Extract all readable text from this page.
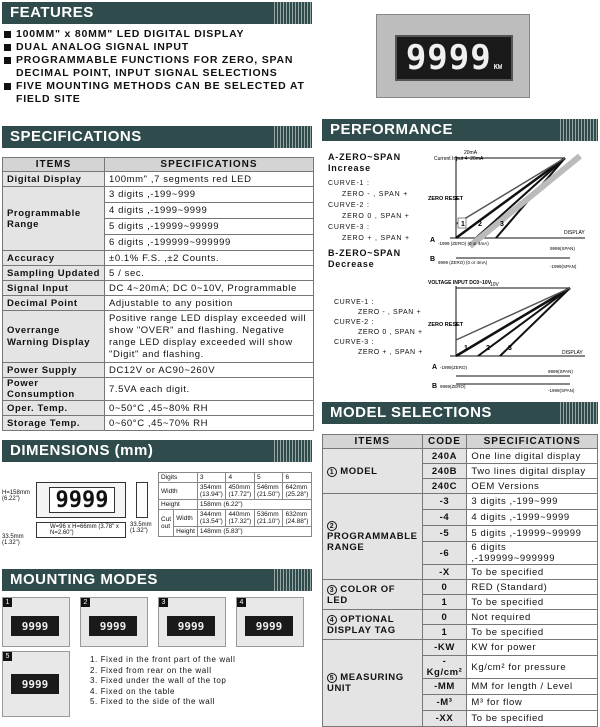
FEATURES
100MM" x 80MM" LED DIGITAL DISPLAY
DUAL ANALOG SIGNAL INPUT
PROGRAMMABLE FUNCTIONS FOR ZERO, SPAN DECIMAL POINT, INPUT SIGNAL SELECTIONS
FIVE MOUNTING METHODS CAN BE SELECTED AT FIELD SITE
9999 KW
SPECIFICATIONS
ITEMS	SPECIFICATIONS
Digital Display	100mm" ,7 segments red LED
Programmable Range	3 digits ,-199~999
	4 digits ,-1999~9999
	5 digits ,-19999~99999
	6 digits ,-199999~999999
Accuracy	±0.1% F.S. ,±2 Counts.
Sampling Updated	5 / sec.
Signal Input	DC 4~20mA; DC 0~10V, Programmable
Decimal Point	Adjustable to any position
Overrange Warning Display	Positive range LED display exceeded will show "OVER" and flashing. Negative range LED display exceeded will show "Digit" and flashing.
Power Supply	DC12V or AC90~260V
Power Consumption	7.5VA each digit.
Oper. Temp.	0~50°C ,45~80% RH
Storage Temp.	0~60°C ,45~70% RH
PERFORMANCE
A-ZERO~SPAN Increase
CURVE-1 :
ZERO - , SPAN +
CURVE-2 :
ZERO 0 , SPAN +
CURVE-3 :
ZERO + , SPAN +
B-ZERO~SPAN Decrease
CURVE-1 :
ZERO - , SPAN +
CURVE-2 :
ZERO 0 , SPAN +
CURVE-3 :
ZERO + , SPAN +
1 2	3
A
B
Current Input 4~20mA
20mA
ZERO RESET
DISPLAY
-1999 (ZERO) (0 or 4mA)
9999(SPAN)
9999 (ZERO) (0 or 4mA)
-1999(SPAN)
1	2	3
A
B
VOLTAGE INPUT DC0~10V
10V
ZERO RESET
DISPLAY
-1999(ZERO)
9999(SPAN)
9999(ZERO)
-1999(SPAN)
MODEL SELECTIONS
ITEMS	CODE	SPECIFICATIONS
1 MODEL	240A	One line digital display
	240B	Two lines digital display
	240C	OEM Versions
2 PROGRAMMABLE RANGE	-3	3 digits ,-199~999
	-4	4 digits ,-1999~9999
	-5	5 digits ,-19999~99999
	-6	6 digits ,-199999~999999
	-X	To be specified
3 COLOR OF LED	0	RED (Standard)
	1	To be specified
4 OPTIONAL DISPLAY TAG	0	Not required
	1	To be specified
5 MEASURING UNIT	-KW	KW for power
	-Kg/cm²	Kg/cm² for pressure
	-MM	MM for length / Level
	-M³	M³ for flow
	-XX	To be specified
DIMENSIONS (mm)
9999
H=158mm (6.22")
W=96 x H=66mm (3.78" x N=2.60")
33.5mm (1.32")
33.5mm (1.32")
Digits		3	4	5	6
Width		354mm (13.94")	450mm (17.72")	546mm (21.50")	642mm (25.28")
Height		158mm (6.22")			
Cut out	Width	344mm (13.54")	440mm (17.32")	536mm (21.10")	632mm (24.88")
	Height	148mm (5.83")			
MOUNTING MODES
1
9999
2
9999
3
9999
4
9999
5
9999
1. Fixed in the front part of the wall
2. Fixed from rear on the wall
3. Fixed under the wall of the top
4. Fixed on the table
5. Fixed to the side of the wall
